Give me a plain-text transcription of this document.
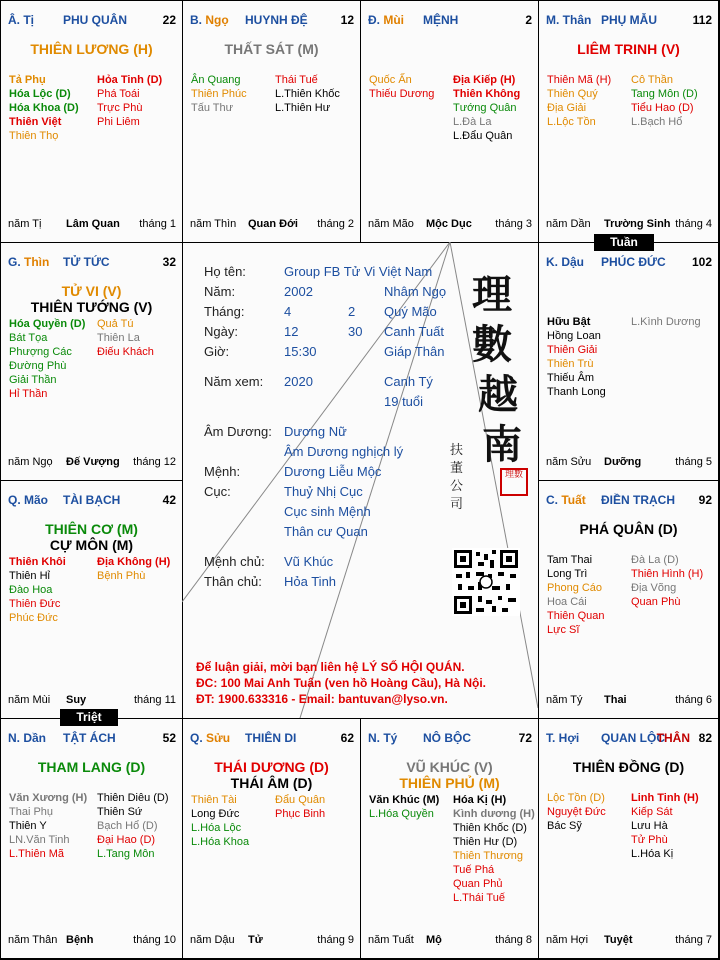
Â. Tị PHU QUÂN	22
THIÊN LƯƠNG (H)
Tả Phụ
Hóa Lộc (D)
Hóa Khoa (D)
Thiên Việt
Thiên Thọ
Hỏa Tinh (D)
Phá Toái
Trực Phù
Phi Liêm
năm Tị Lâm Quan tháng 1
B. Ngọ HUYNH ĐỆ	12
THẤT SÁT (M)
Ân Quang
Thiên Phúc
Tấu Thư
Thái Tuế
L.Thiên Khốc
L.Thiên Hư
năm Thìn Quan Đới tháng 2
Đ. Mùi MỆNH	2
Quốc Ấn
Thiếu Dương
Địa Kiếp (H)
Thiên Không
Tướng Quân
L.Đà La
L.Đẩu Quân
năm Mão Mộc Dục tháng 3
M. Thân PHỤ MẪU	112
LIÊM TRINH (V)
Thiên Mã (H)
Thiên Quý
Địa Giải
L.Lộc Tồn
Cô Thần
Tang Môn (D)
Tiểu Hao (D)
L.Bạch Hổ
năm Dần Trường Sinh tháng 4
G. Thìn TỬ TỨC	32
TỬ VI (V)
THIÊN TƯỚNG (V)
Hóa Quyền (D)
Bát Tọa
Phượng Các
Đường Phù
Giải Thần
Hỉ Thần
Quả Tú
Thiên La
Điếu Khách
năm Ngọ Đế Vượng tháng 12
K. Dậu PHÚC ĐỨC 102
Hữu Bật
Hồng Loan
Thiên Giải
Thiên Trù
Thiếu Âm
Thanh Long
L.Kình Dương
năm Sửu Dưỡng	tháng 5
Q. Mão TÀI BẠCH	42
THIÊN CƠ (M)
CỰ MÔN (M)
Thiên Khôi
Thiên Hỉ
Đào Hoa
Thiên Đức
Phúc Đức
Địa Không (H)
Bệnh Phù
năm Mùi Suy	tháng 11
C. Tuất ĐIỀN TRẠCH 92
PHÁ QUÂN (D)
Tam Thai
Long Trì
Phong Cáo
Hoa Cái
Thiên Quan
Lực Sĩ
Đà La (D)
Thiên Hình (H)
Địa Võng
Quan Phù
năm Tý Thai	tháng 6
N. Dần TẬT ÁCH	52
THAM LANG (D)
Văn Xương (H)
Thai Phụ
Thiên Y
LN.Văn Tinh
L.Thiên Mã
Thiên Diêu (D)
Thiên Sứ
Bạch Hổ (D)
Đại Hao (D)
L.Tang Môn
năm Thân Bệnh	tháng 10
Q. Sửu THIÊN DI	62
THÁI DƯƠNG (D)
THÁI ÂM (D)
Thiên Tài
Long Đức
L.Hóa Lộc
L.Hóa Khoa
Đẩu Quân
Phục Binh
năm Dậu Tử	tháng 9
N. Tý NÔ BỘC	72
VŨ KHÚC (V)
THIÊN PHỦ (M)
Văn Khúc (M)
L.Hóa Quyền
Hóa Kị (H)
Kình dương (H)
Thiên Khốc (D)
Thiên Hư (D)
Thiên Thương
Tuế Phá
Quan Phủ
L.Thái Tuế
năm Tuất Mộ	tháng 8
T. Hợi QUAN LỘC
THÂN 82
THIÊN ĐỒNG (D)
Lộc Tồn (D)
Nguyệt Đức
Bác Sỹ
Linh Tinh (H)
Kiếp Sát
Lưu Hà
Tử Phù
L.Hóa Kị
năm Hợi Tuyệt	tháng 7
Họ tên:	Group FB Tử Vi Việt Nam
Năm:	2002	Nhâm Ngọ
Tháng:	4	2 Quý Mão
Ngày:	12	30 Canh Tuất
Giờ:	15:30	Giáp Thân
Năm xem: 2020	Canh Tý
19 tuổi
Âm Dương: Dương Nữ
Âm Dương nghịch lý
Mệnh:	Dương Liễu Mộc
Cục:	Thuỷ Nhị Cục
Cục sinh Mệnh
Thân cư Quan
Mệnh chủ: Vũ Khúc
Thân chủ: Hỏa Tinh
理
數
越
南
扶
董
公
司
理數
Để luận giải, mời bạn liên hệ LÝ SỐ HỘI QUÁN.
ĐC: 100 Mai Anh Tuấn (ven hồ Hoàng Cầu), Hà Nội.
ĐT: 1900.633316 - Email: bantuvan@lyso.vn.
Tuần
Triệt
